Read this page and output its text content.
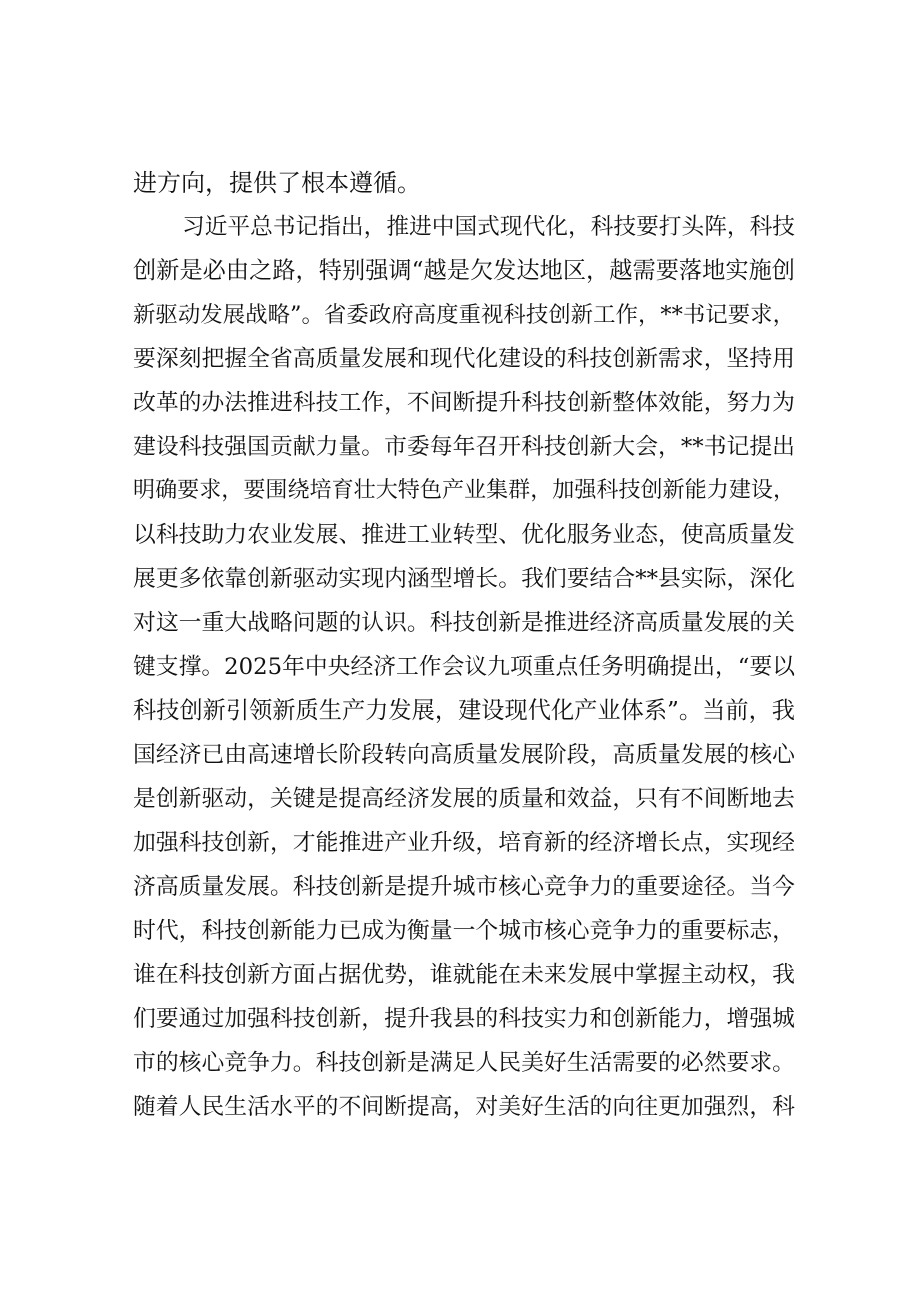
进方向，提供了根本遵循。
习近平总书记指出，推进中国式现代化，科技要打头阵，科技
创新是必由之路，特别强调“越是欠发达地区，越需要落地实施创
新驱动发展战略”。省委政府高度重视科技创新工作，**书记要求，
要深刻把握全省高质量发展和现代化建设的科技创新需求，坚持用
改革的办法推进科技工作，不间断提升科技创新整体效能，努力为
建设科技强国贡献力量。市委每年召开科技创新大会，**书记提出
明确要求，要围绕培育壮大特色产业集群，加强科技创新能力建设，
以科技助力农业发展、推进工业转型、优化服务业态，使高质量发
展更多依靠创新驱动实现内涵型增长。我们要结合**县实际，深化
对这一重大战略问题的认识。科技创新是推进经济高质量发展的关
键支撑。2025年中央经济工作会议九项重点任务明确提出，“要以
科技创新引领新质生产力发展，建设现代化产业体系”。当前，我
国经济已由高速增长阶段转向高质量发展阶段，高质量发展的核心
是创新驱动，关键是提高经济发展的质量和效益，只有不间断地去
加强科技创新，才能推进产业升级，培育新的经济增长点，实现经
济高质量发展。科技创新是提升城市核心竞争力的重要途径。当今
时代，科技创新能力已成为衡量一个城市核心竞争力的重要标志，
谁在科技创新方面占据优势，谁就能在未来发展中掌握主动权，我
们要通过加强科技创新，提升我县的科技实力和创新能力，增强城
市的核心竞争力。科技创新是满足人民美好生活需要的必然要求。
随着人民生活水平的不间断提高，对美好生活的向往更加强烈，科
